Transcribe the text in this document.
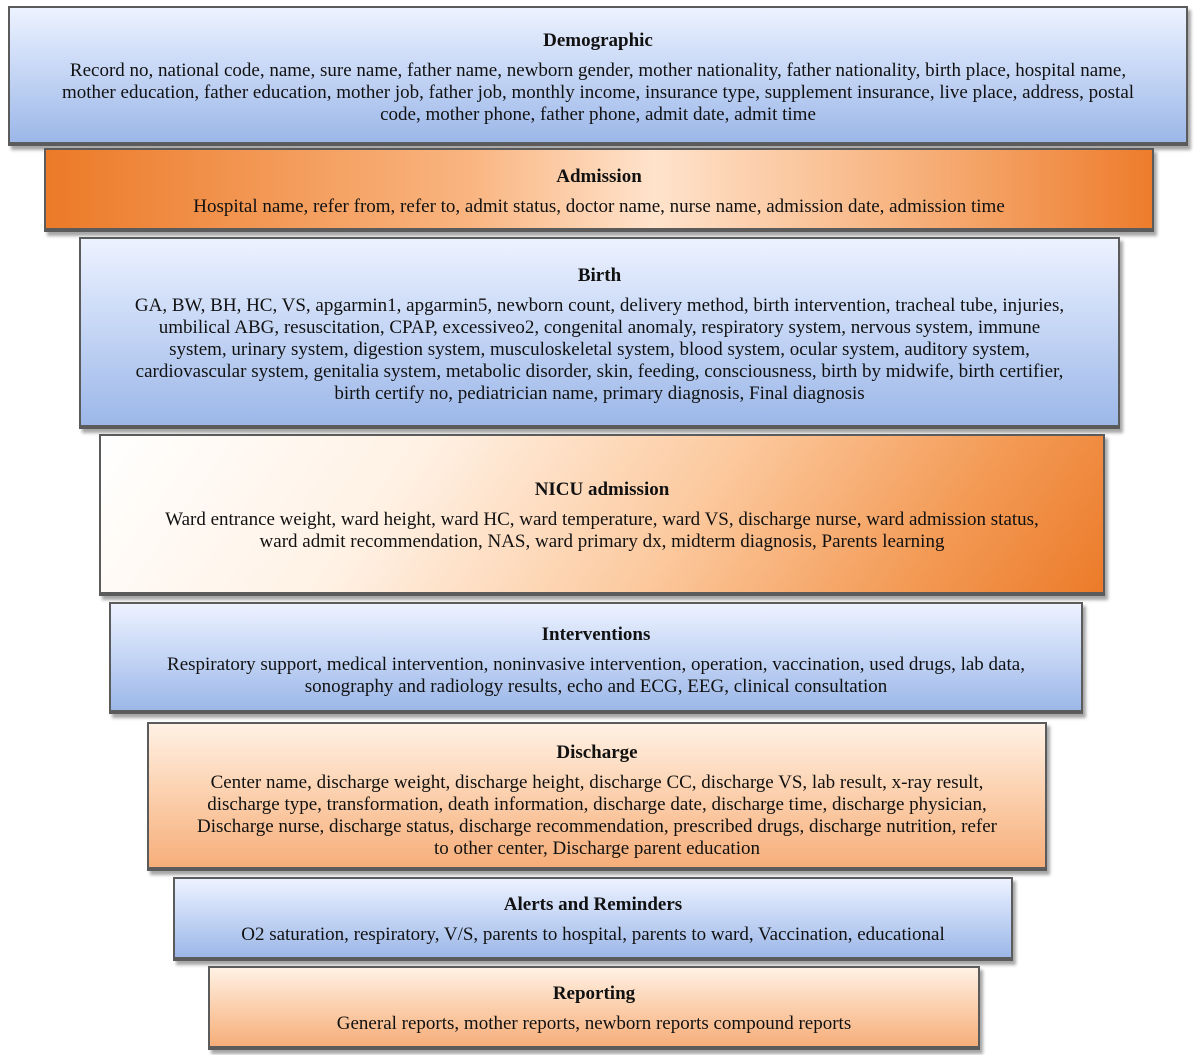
Demographic

Record no, national code, name, sure name, father name, newborn gender, mother nationality, father nationality, birth place, hospital name,

mother education, father education, mother job, father job, monthly income, insurance type, supplement insurance, live place, address, postal

code, mother phone, father phone, admit date, admit time

Admission

Hospital name, refer from, refer to, admit status, doctor name, nurse name, admission date, admission time

Birth

GA, BW, BH, HC, VS, apgarmin1, apgarmin5, newborn count, delivery method, birth intervention, tracheal tube, injuries,

umbilical ABG, resuscitation, CPAP, excessiveo2, congenital anomaly, respiratory system, nervous system, immune

system, urinary system, digestion system, musculoskeletal system, blood system, ocular system, auditory system,

cardiovascular system, genitalia system, metabolic disorder, skin, feeding, consciousness, birth by midwife, birth certifier,

birth certify no, pediatrician name, primary diagnosis, Final diagnosis

NICU admission

Ward entrance weight, ward height, ward HC, ward temperature, ward VS, discharge nurse, ward admission status,

ward admit recommendation, NAS, ward primary dx, midterm diagnosis, Parents learning

Interventions

Respiratory support, medical intervention, noninvasive intervention, operation, vaccination, used drugs, lab data,

sonography and radiology results, echo and ECG, EEG, clinical consultation

Discharge

Center name, discharge weight, discharge height, discharge CC, discharge VS, lab result, x-ray result,

discharge type, transformation, death information, discharge date, discharge time, discharge physician,

Discharge nurse, discharge status, discharge recommendation, prescribed drugs, discharge nutrition, refer

to other center, Discharge parent education

Alerts and Reminders

O2 saturation, respiratory, V/S, parents to hospital, parents to ward, Vaccination, educational

Reporting

General reports, mother reports, newborn reports compound reports
